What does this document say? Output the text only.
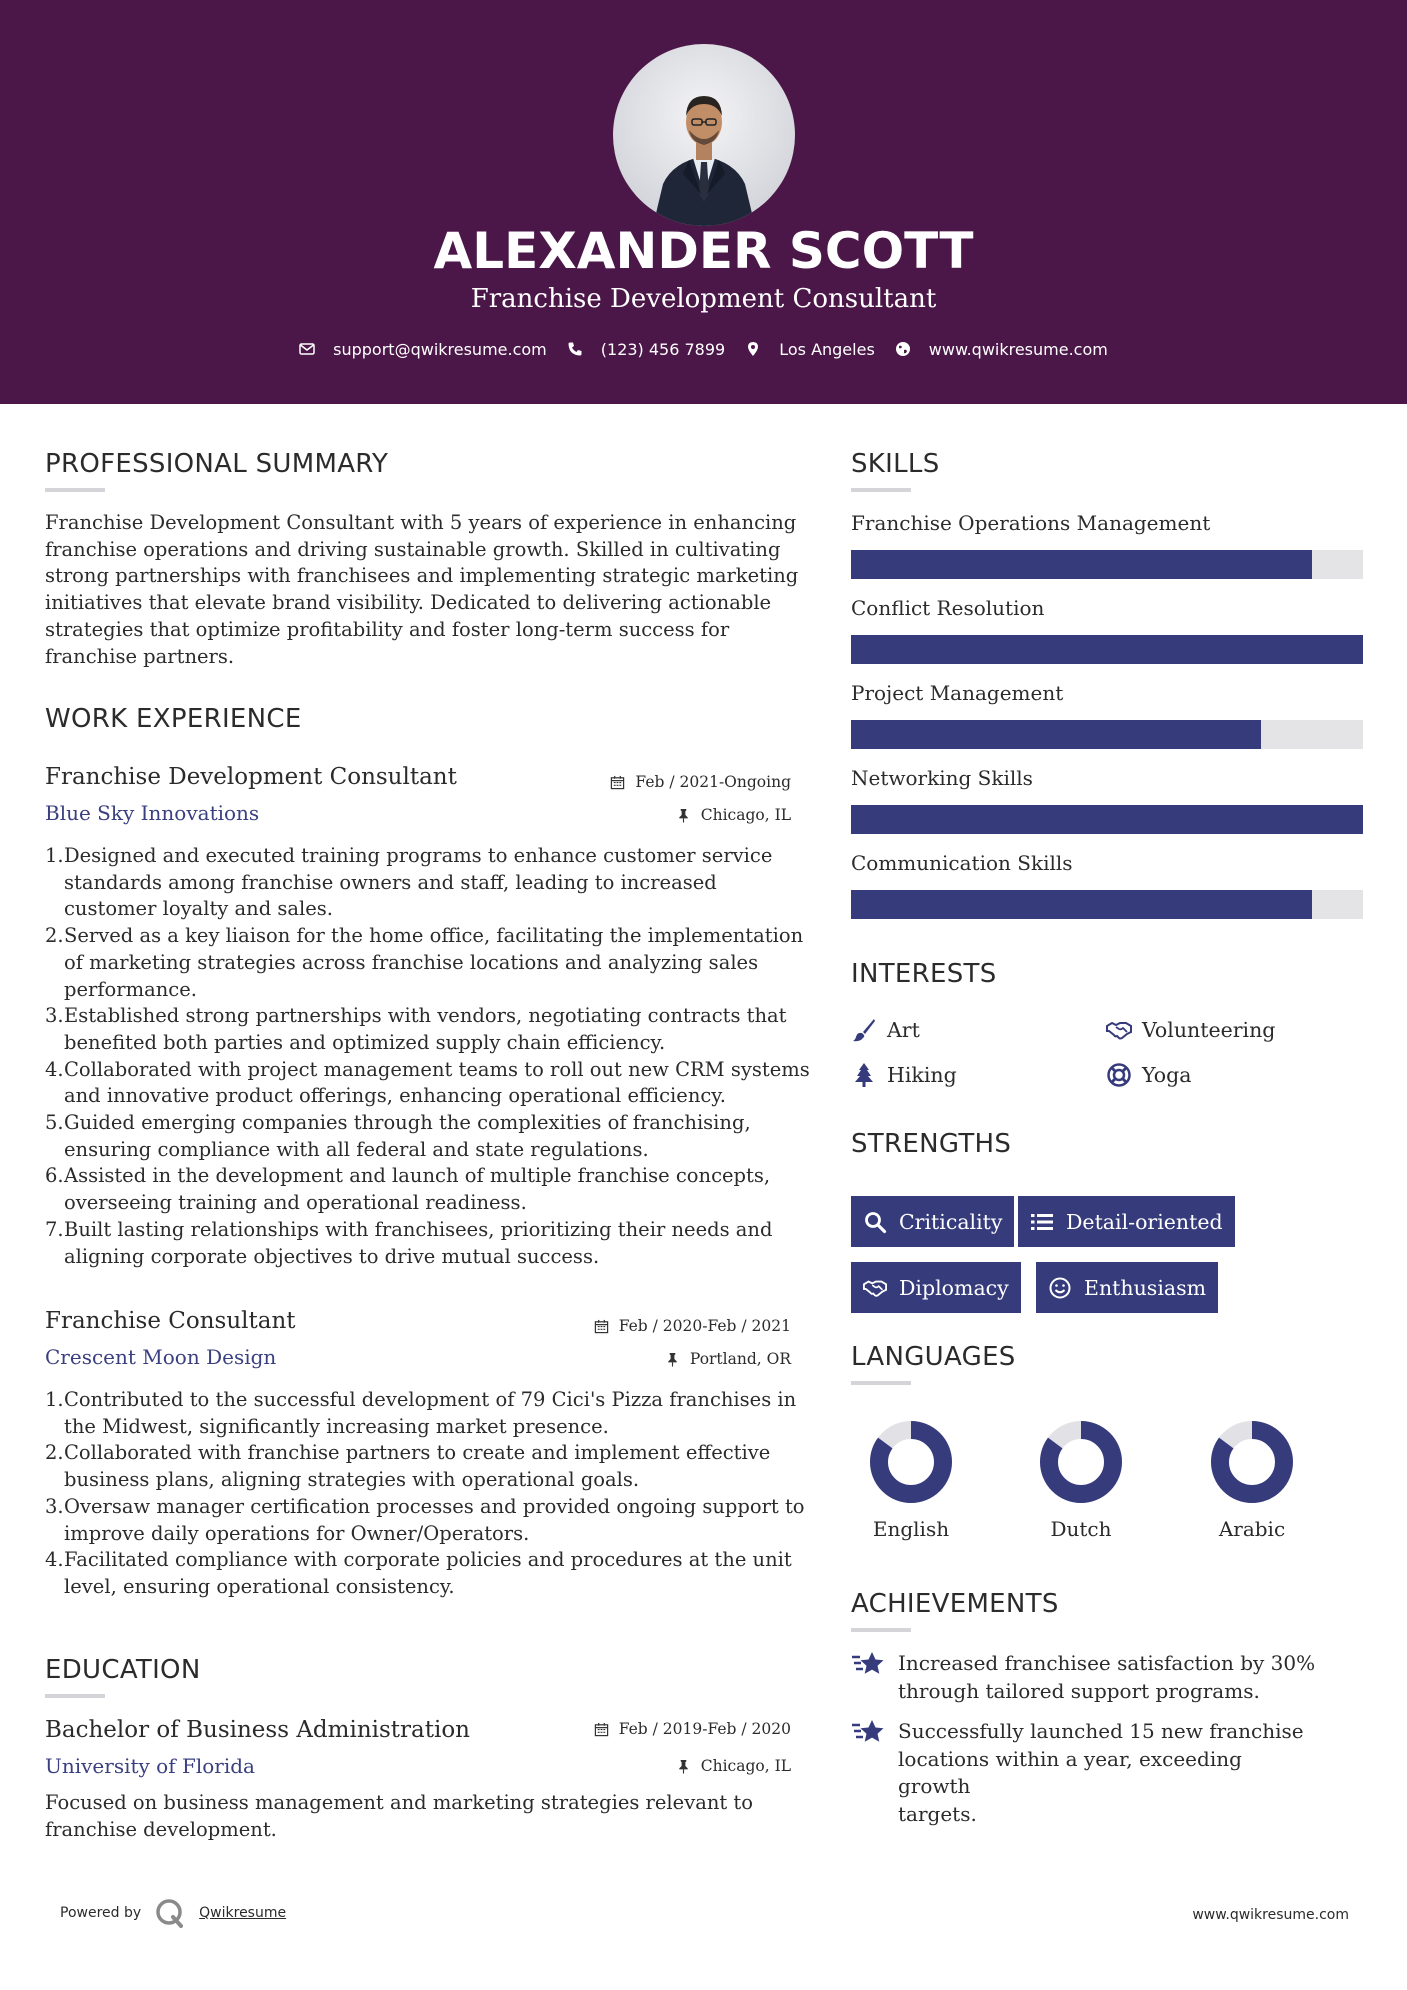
ALEXANDER SCOTT
Franchise Development Consultant
support@qwikresume.com	(123) 456 7899	Los Angeles	www.qwikresume.com
PROFESSIONAL SUMMARY
Franchise Development Consultant with 5 years of experience in enhancing
franchise operations and driving sustainable growth. Skilled in cultivating
strong partnerships with franchisees and implementing strategic marketing
initiatives that elevate brand visibility. Dedicated to delivering actionable
strategies that optimize profitability and foster long-term success for
franchise partners.
WORK EXPERIENCE
Franchise Development Consultant	Feb / 2021-Ongoing
Blue Sky Innovations	Chicago, IL
1. Designed and executed training programs to enhance customer service
standards among franchise owners and staff, leading to increased
customer loyalty and sales.
2. Served as a key liaison for the home office, facilitating the implementation
of marketing strategies across franchise locations and analyzing sales
performance.
3. Established strong partnerships with vendors, negotiating contracts that
benefited both parties and optimized supply chain efficiency.
4. Collaborated with project management teams to roll out new CRM systems
and innovative product offerings, enhancing operational efficiency.
5. Guided emerging companies through the complexities of franchising,
ensuring compliance with all federal and state regulations.
6. Assisted in the development and launch of multiple franchise concepts,
overseeing training and operational readiness.
7. Built lasting relationships with franchisees, prioritizing their needs and
aligning corporate objectives to drive mutual success.
Franchise Consultant	Feb / 2020-Feb / 2021
Crescent Moon Design	Portland, OR
1. Contributed to the successful development of 79 Cici's Pizza franchises in
the Midwest, significantly increasing market presence.
2. Collaborated with franchise partners to create and implement effective
business plans, aligning strategies with operational goals.
3. Oversaw manager certification processes and provided ongoing support to
improve daily operations for Owner/Operators.
4. Facilitated compliance with corporate policies and procedures at the unit
level, ensuring operational consistency.
EDUCATION
Bachelor of Business Administration	Feb / 2019-Feb / 2020
University of Florida	Chicago, IL
Focused on business management and marketing strategies relevant to
franchise development.
SKILLS
Franchise Operations Management
Conflict Resolution
Project Management
Networking Skills
Communication Skills
INTERESTS
Art	Volunteering
Hiking	Yoga
STRENGTHS
Criticality	Detail-oriented
Diplomacy	Enthusiasm
LANGUAGES
English	Dutch	Arabic
ACHIEVEMENTS
Increased franchisee satisfaction by 30%
through tailored support programs.
Successfully launched 15 new franchise
locations within a year, exceeding growth
targets.
Powered by	Qwikresume	www.qwikresume.com
